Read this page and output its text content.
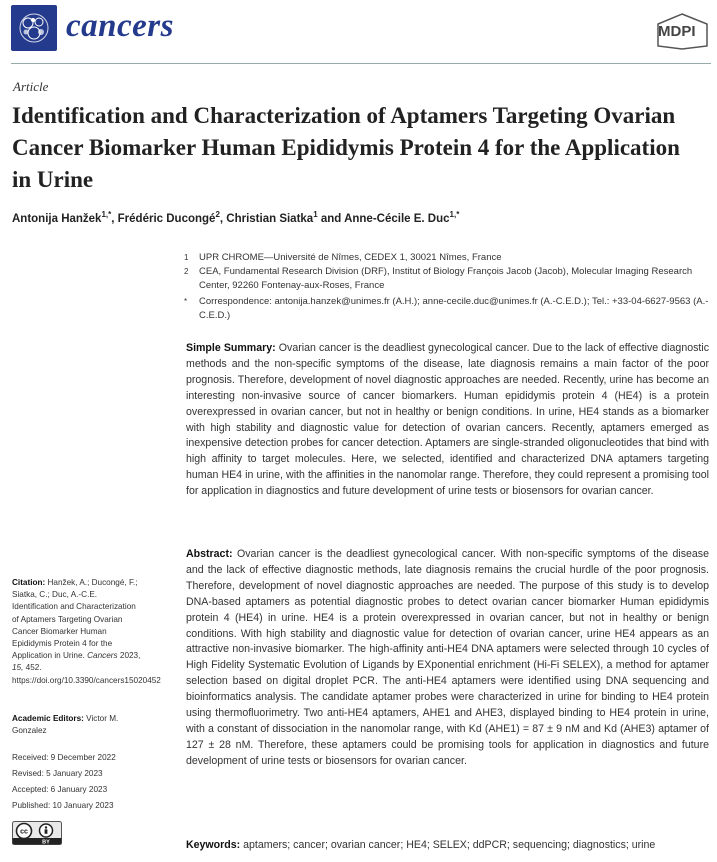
cancers	MDPI
Article
Identification and Characterization of Aptamers Targeting Ovarian Cancer Biomarker Human Epididymis Protein 4 for the Application in Urine
Antonija Hanžek$^{1,*}$, Frédéric Ducongé$^2$, Christian Siatka$^1$ and Anne-Cécile E. Duc$^{1,*}$
1 UPR CHROME—Université de Nîmes, CEDEX 1, 30021 Nîmes, France
2 CEA, Fundamental Research Division (DRF), Institut of Biology François Jacob (Jacob), Molecular Imaging Research Center, 92260 Fontenay-aux-Roses, France
* Correspondence: antonija.hanzek@unimes.fr (A.H.); anne-cecile.duc@unimes.fr (A.-C.E.D.); Tel.: +33-04-6627-9563 (A.-C.E.D.)
Simple Summary: Ovarian cancer is the deadliest gynecological cancer. Due to the lack of effective diagnostic methods and the non-specific symptoms of the disease, late diagnosis remains a main factor of the poor prognosis. Therefore, development of novel diagnostic approaches are needed. Recently, urine has become an interesting non-invasive source of cancer biomarkers. Human epididymis protein 4 (HE4) is a protein overexpressed in ovarian cancer, but not in healthy or benign conditions. In urine, HE4 stands as a biomarker with high stability and diagnostic value for detection of ovarian cancers. Recently, aptamers emerged as inexpensive detection probes for cancer detection. Aptamers are single-stranded oligonucleotides that bind with high affinity to target molecules. Here, we selected, identified and characterized DNA aptamers targeting human HE4 in urine, with the affinities in the nanomolar range. Therefore, they could represent a promising tool for application in diagnostics and future development of urine tests or biosensors for ovarian cancer.
Abstract: Ovarian cancer is the deadliest gynecological cancer. With non-specific symptoms of the disease and the lack of effective diagnostic methods, late diagnosis remains the crucial hurdle of the poor prognosis. Therefore, development of novel diagnostic approaches are needed. The purpose of this study is to develop DNA-based aptamers as potential diagnostic probes to detect ovarian cancer biomarker Human epididymis protein 4 (HE4) in urine. HE4 is a protein overexpressed in ovarian cancer, but not in healthy or benign conditions. With high stability and diagnostic value for detection of ovarian cancer, urine HE4 appears as an attractive non-invasive biomarker. The high-affinity anti-HE4 DNA aptamers were selected through 10 cycles of High Fidelity Systematic Evolution of Ligands by EXponential enrichment (Hi-Fi SELEX), a method for aptamer selection based on digital droplet PCR. The anti-HE4 aptamers were identified using DNA sequencing and bioinformatics analysis. The candidate aptamer probes were characterized in urine for binding to HE4 protein using thermofluorimetry. Two anti-HE4 aptamers, AHE1 and AHE3, displayed binding to HE4 protein in urine, with a constant of dissociation in the nanomolar range, with Kd (AHE1) = 87 ± 9 nM and Kd (AHE3) aptamer of 127 ± 28 nM. Therefore, these aptamers could be promising tools for application in diagnostics and future development of urine tests or biosensors for ovarian cancer.
Keywords: aptamers; cancer; ovarian cancer; HE4; SELEX; ddPCR; sequencing; diagnostics; urine
Citation: Hanžek, A.; Ducongé, F.; Siatka, C.; Duc, A.-C.E. Identification and Characterization of Aptamers Targeting Ovarian Cancer Biomarker Human Epididymis Protein 4 for the Application in Urine. Cancers 2023, 15, 452. https://doi.org/10.3390/cancers15020452
Academic Editors: Victor M. Gonzalez
Received: 9 December 2022
Revised: 5 January 2023
Accepted: 6 January 2023
Published: 10 January 2023
cc
BY
